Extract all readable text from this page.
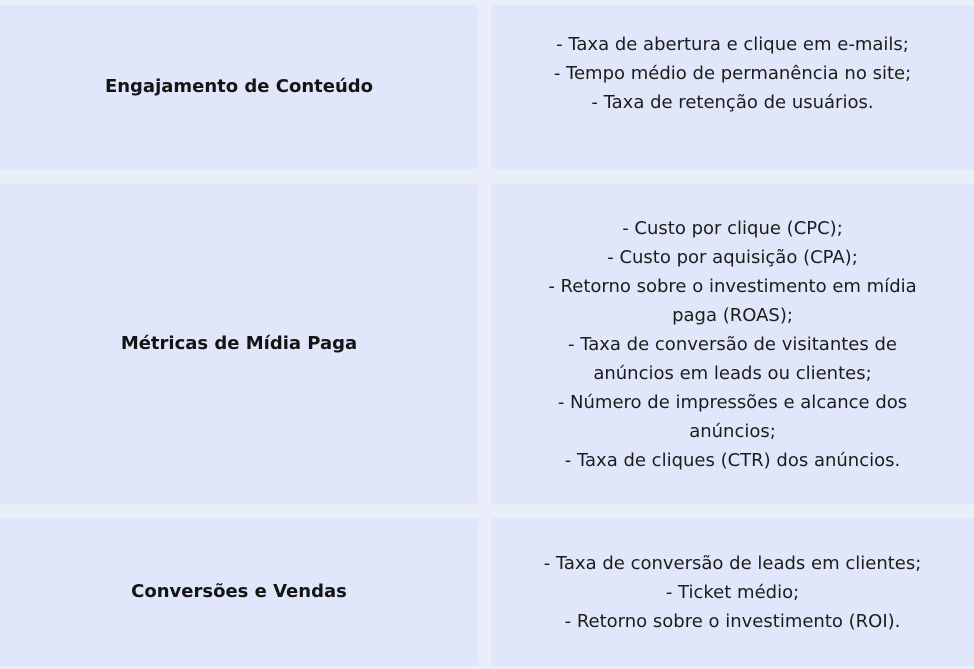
Engajamento de Conteúdo
- Taxa de abertura e clique em e-mails;
- Tempo médio de permanência no site;
- Taxa de retenção de usuários.
Métricas de Mídia Paga
- Custo por clique (CPC);
- Custo por aquisição (CPA);
- Retorno sobre o investimento em mídia
paga (ROAS);
- Taxa de conversão de visitantes de
anúncios em leads ou clientes;
- Número de impressões e alcance dos
anúncios;
- Taxa de cliques (CTR) dos anúncios.
Conversões e Vendas
- Taxa de conversão de leads em clientes;
- Ticket médio;
- Retorno sobre o investimento (ROI).
